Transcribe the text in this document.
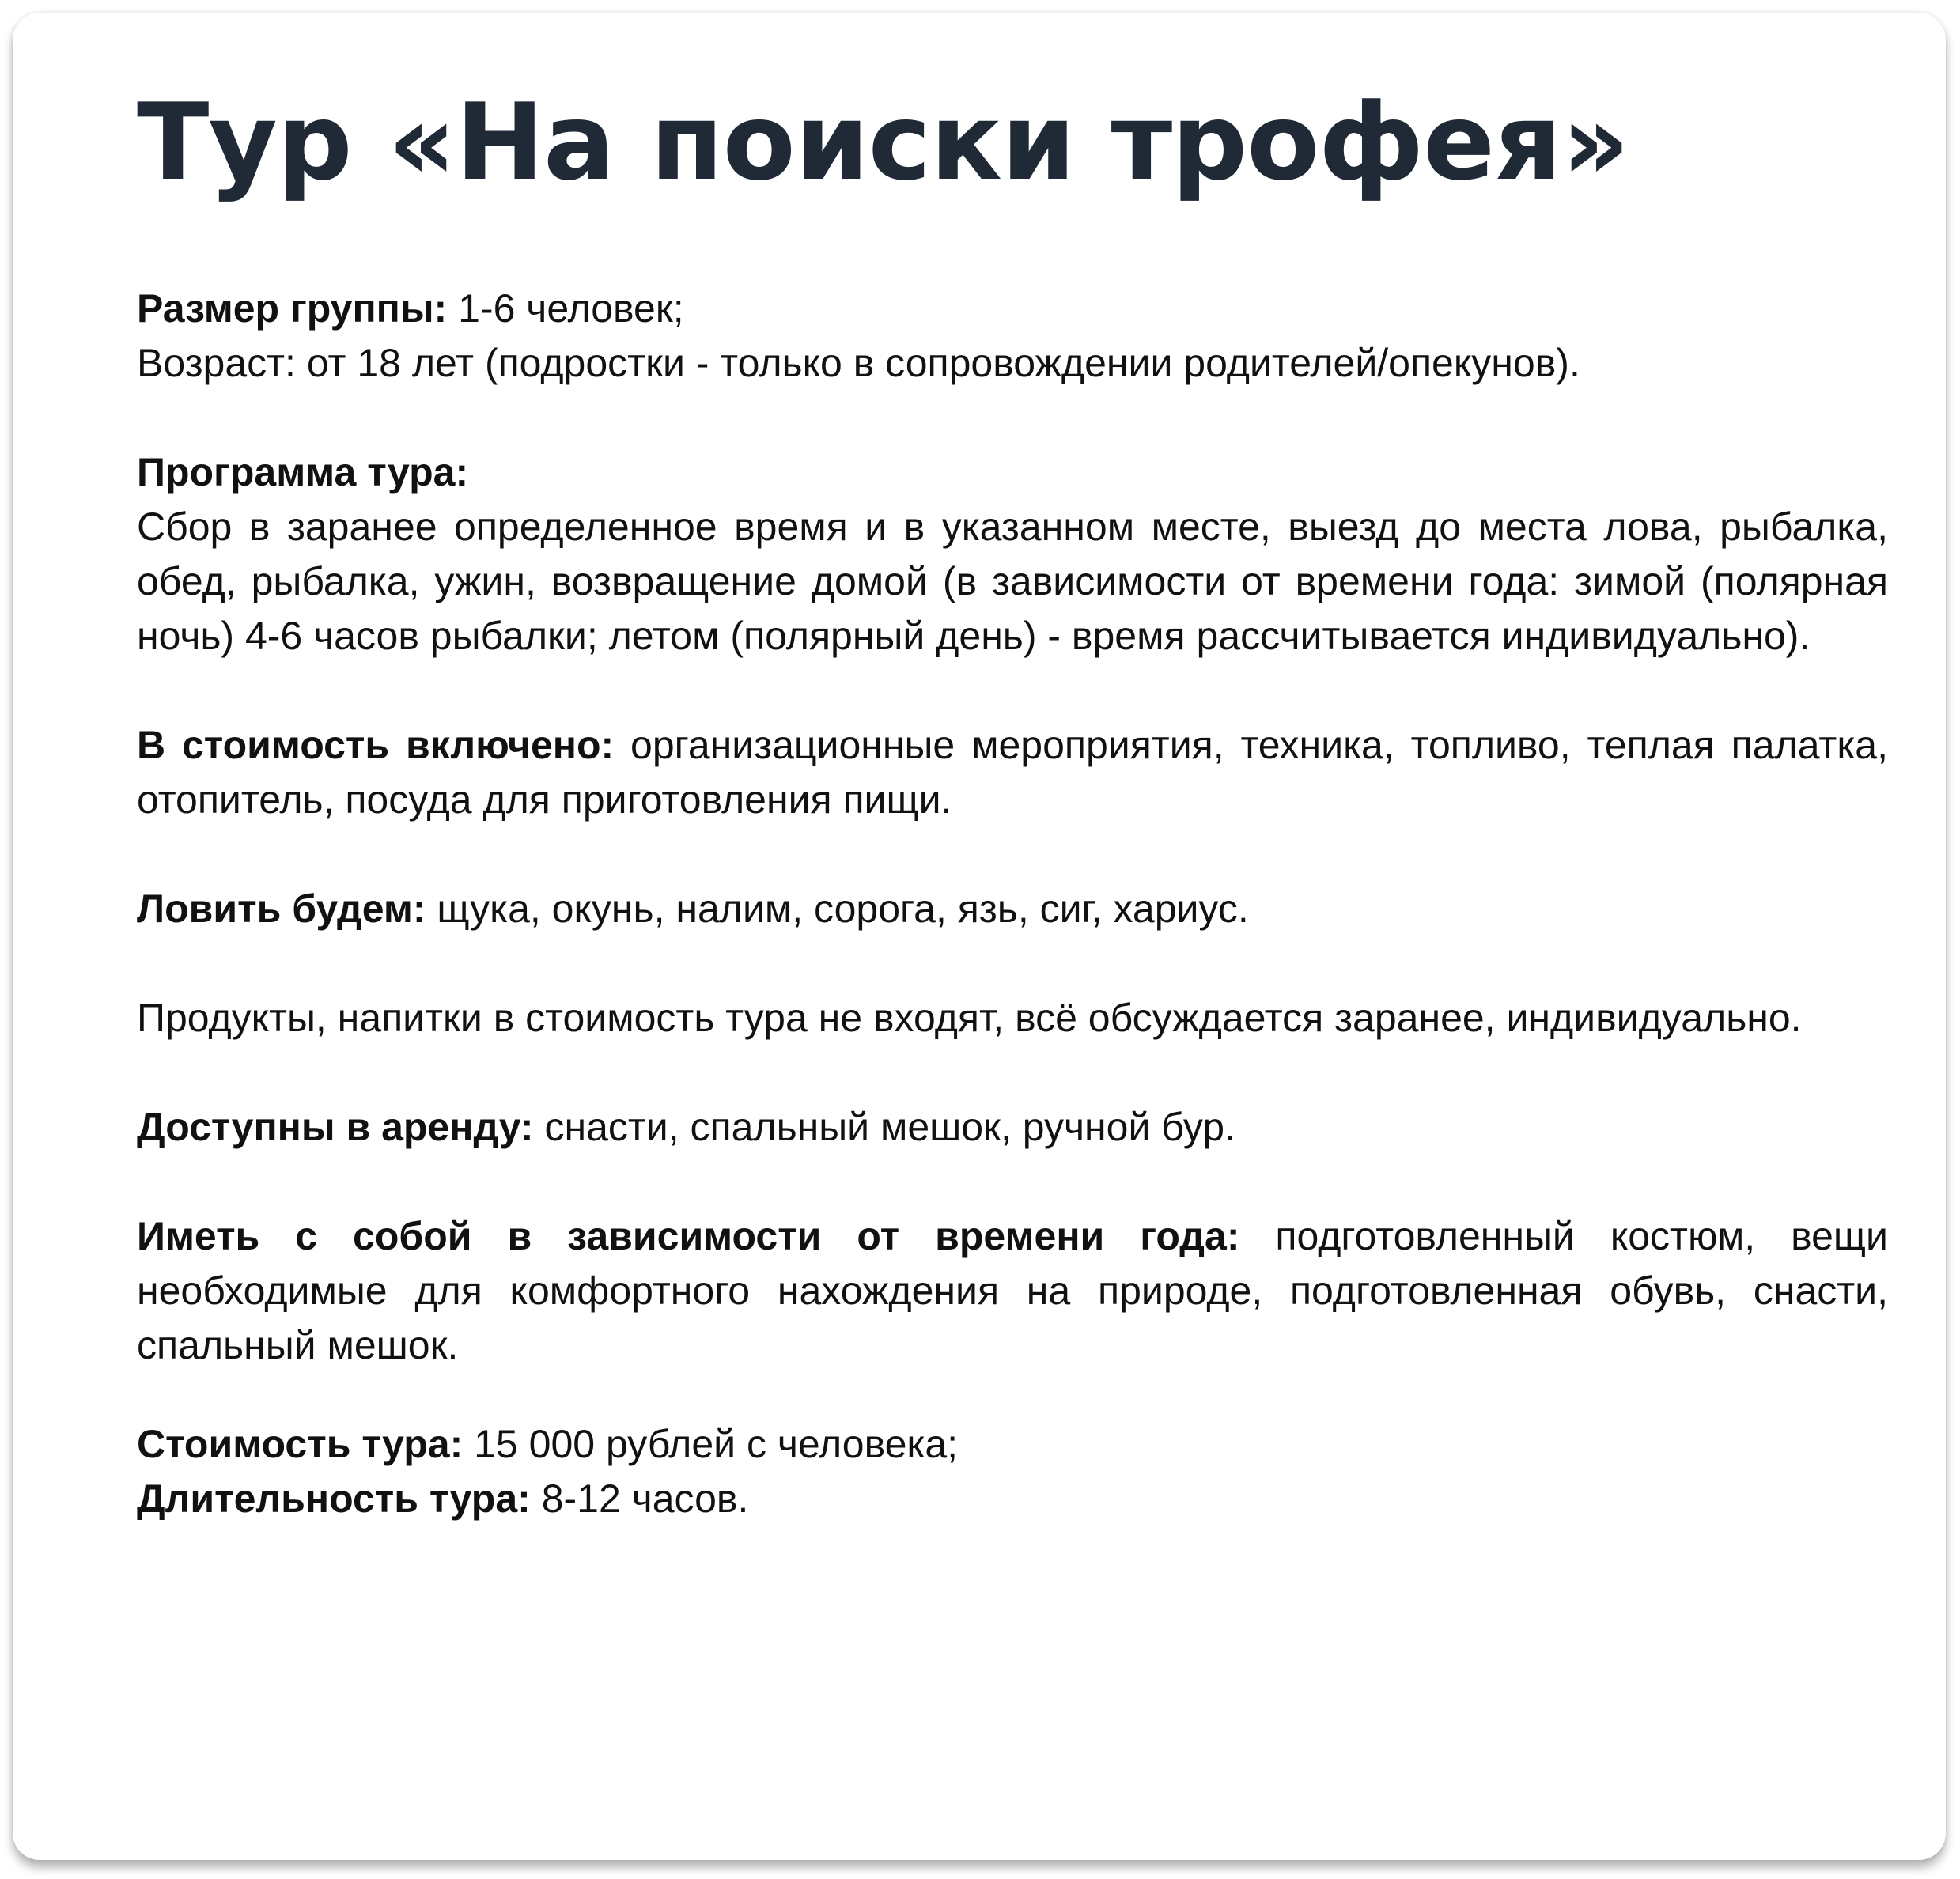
Тур «На поиски трофея»

Размер группы: 1-6 человек;

Возраст: от 18 лет (подростки - только в сопровождении родителей/опекунов).

Программа тура:

Сбор в заранее определенное время и в указанном месте, выезд до места лова, рыбалка, обед, рыбалка, ужин, возвращение домой (в зависимости от времени года: зимой (полярная ночь) 4-6 часов рыбалки; летом (полярный день) - время рассчитывается индивидуально).

В стоимость включено: организационные мероприятия, техника, топливо, теплая палатка, отопитель, посуда для приготовления пищи.

Ловить будем: щука, окунь, налим, сорога, язь, сиг, хариус.

Продукты, напитки в стоимость тура не входят, всё обсуждается заранее, индивидуально.

Доступны в аренду: снасти, спальный мешок, ручной бур.

Иметь с собой в зависимости от времени года: подготовленный костюм, вещи необходимые для комфортного нахождения на природе, подготовленная обувь, снасти, спальный мешок.

Стоимость тура: 15 000 рублей с человека;

Длительность тура: 8-12 часов.
